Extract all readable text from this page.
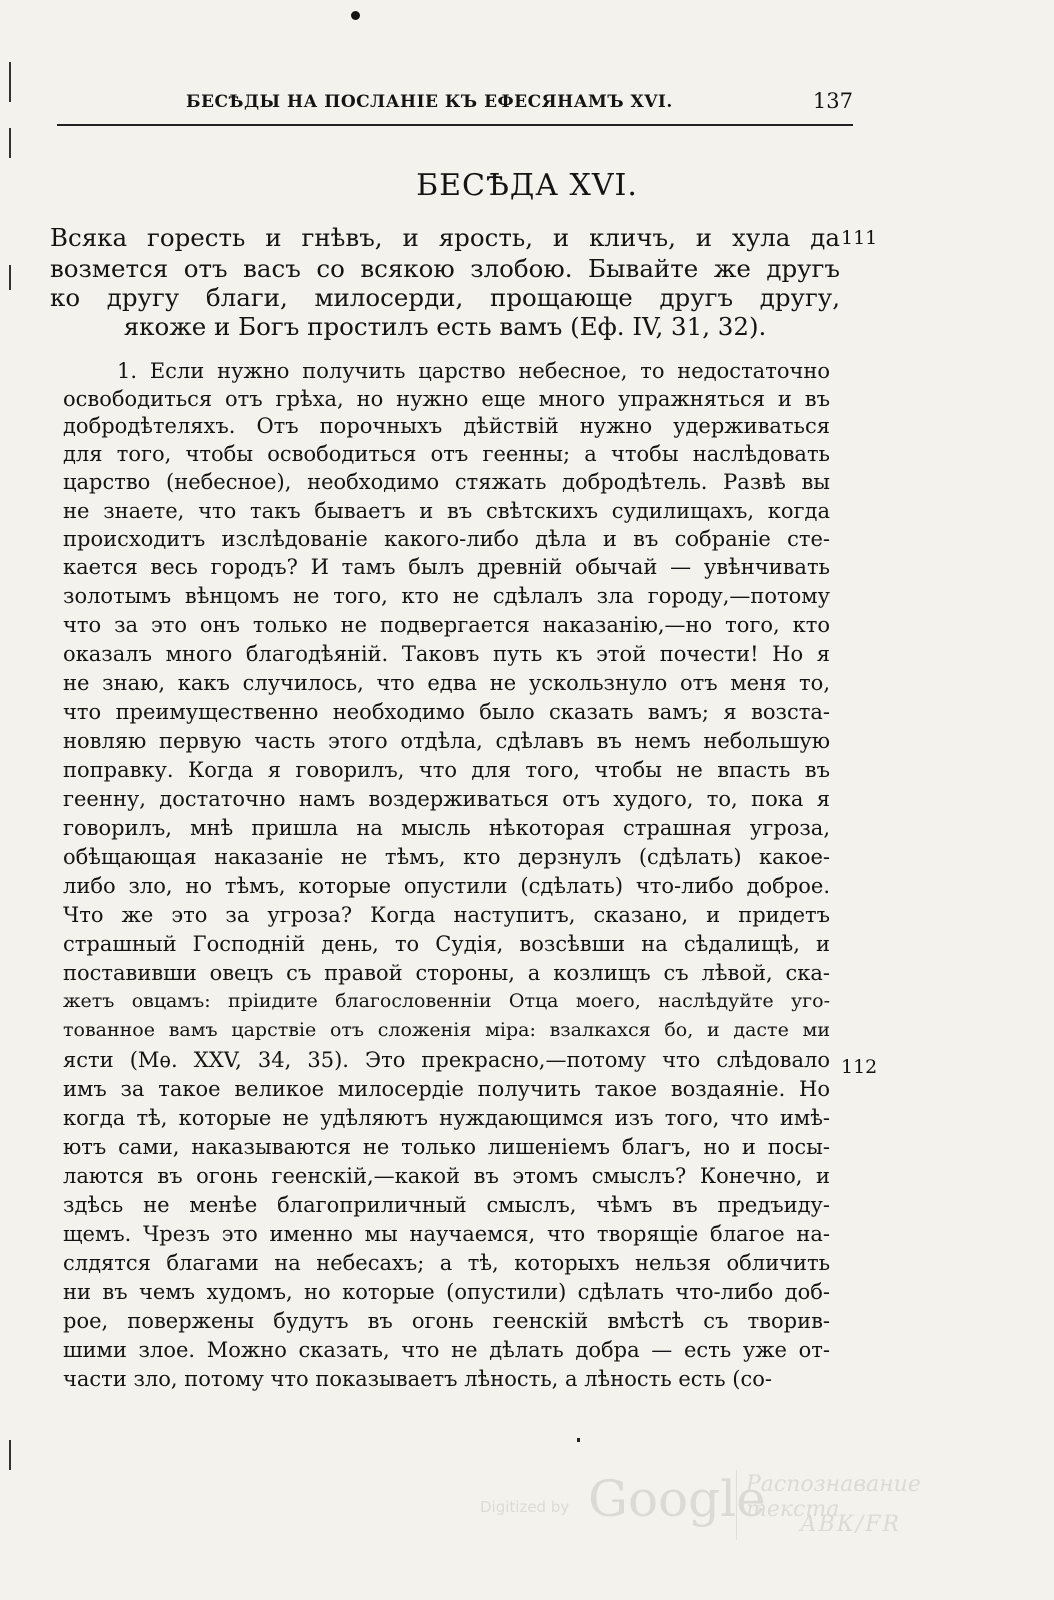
БЕСѢДЫ НА ПОСЛАНІЕ КЪ ЕФЕСЯНАМЪ XVI.	137
БЕСѢДА XVI.
Всяка горесть и гнѣвъ, и ярость, и кличъ, и хула да
возмется отъ васъ со всякою злобою. Бывайте же другъ
ко другу благи, милосерди, прощающе другъ другу,
якоже и Богъ простилъ есть вамъ (Еф. IV, 31, 32).
111
112
1. Если нужно получить царство небесное, то недостаточно
освободиться отъ грѣха, но нужно еще много упражняться и въ
добродѣтеляхъ. Отъ порочныхъ дѣйствій нужно удерживаться
для того, чтобы освободиться отъ геенны; а чтобы наслѣдовать
царство (небесное), необходимо стяжать добродѣтель. Развѣ вы
не знаете, что такъ бываетъ и въ свѣтскихъ судилищахъ, когда
происходитъ изслѣдованіе какого-либо дѣла и въ собраніе сте-
кается весь городъ? И тамъ былъ древній обычай — увѣнчивать
золотымъ вѣнцомъ не того, кто не сдѣлалъ зла городу,—потому
что за это онъ только не подвергается наказанію,—но того, кто
оказалъ много благодѣяній. Таковъ путь къ этой почести! Но я
не знаю, какъ случилось, что едва не ускользнуло отъ меня то,
что преимущественно необходимо было сказать вамъ; я возста-
новляю первую часть этого отдѣла, сдѣлавъ въ немъ небольшую
поправку. Когда я говорилъ, что для того, чтобы не впасть въ
геенну, достаточно намъ воздерживаться отъ худого, то, пока я
говорилъ, мнѣ пришла на мысль нѣкоторая страшная угроза,
обѣщающая наказаніе не тѣмъ, кто дерзнулъ (сдѣлать) какое-
либо зло, но тѣмъ, которые опустили (сдѣлать) что-либо доброе.
Что же это за угроза? Когда наступитъ, сказано, и придетъ
страшный Господній день, то Судія, возсѣвши на сѣдалищѣ, и
поставивши овецъ съ правой стороны, а козлищъ съ лѣвой, ска-
жетъ овцамъ: пріидите благословеннiи Отца моего, наслѣдуйте уго-
тованное вамъ царствіе отъ сложенія міра: взалкахся бо, и дасте ми
ясти (Мѳ. XXV, 34, 35). Это прекрасно,—потому что слѣдовало
имъ за такое великое милосердіе получить такое воздаяніе. Но
когда тѣ, которые не удѣляютъ нуждающимся изъ того, что имѣ-
ютъ сами, наказываются не только лишеніемъ благъ, но и посы-
лаются въ огонь геенскій,—какой въ этомъ смыслъ? Конечно, и
здѣсь не менѣе благоприличный смыслъ, чѣмъ въ предъиду-
щемъ. Чрезъ это именно мы научаемся, что творящіе благое на-
слдятся благами на небесахъ; а тѣ, которыхъ нельзя обличить
ни въ чемъ худомъ, но которые (опустили) сдѣлать что-либо доб-
рое, повержены будутъ въ огонь геенскій вмѣстѣ съ творив-
шими злое. Можно сказать, что не дѣлать добра — есть уже от-
части зло, потому что показываетъ лѣность, а лѣность есть (со-
Digitized by Google
Распознавание текста
АВК/FR
